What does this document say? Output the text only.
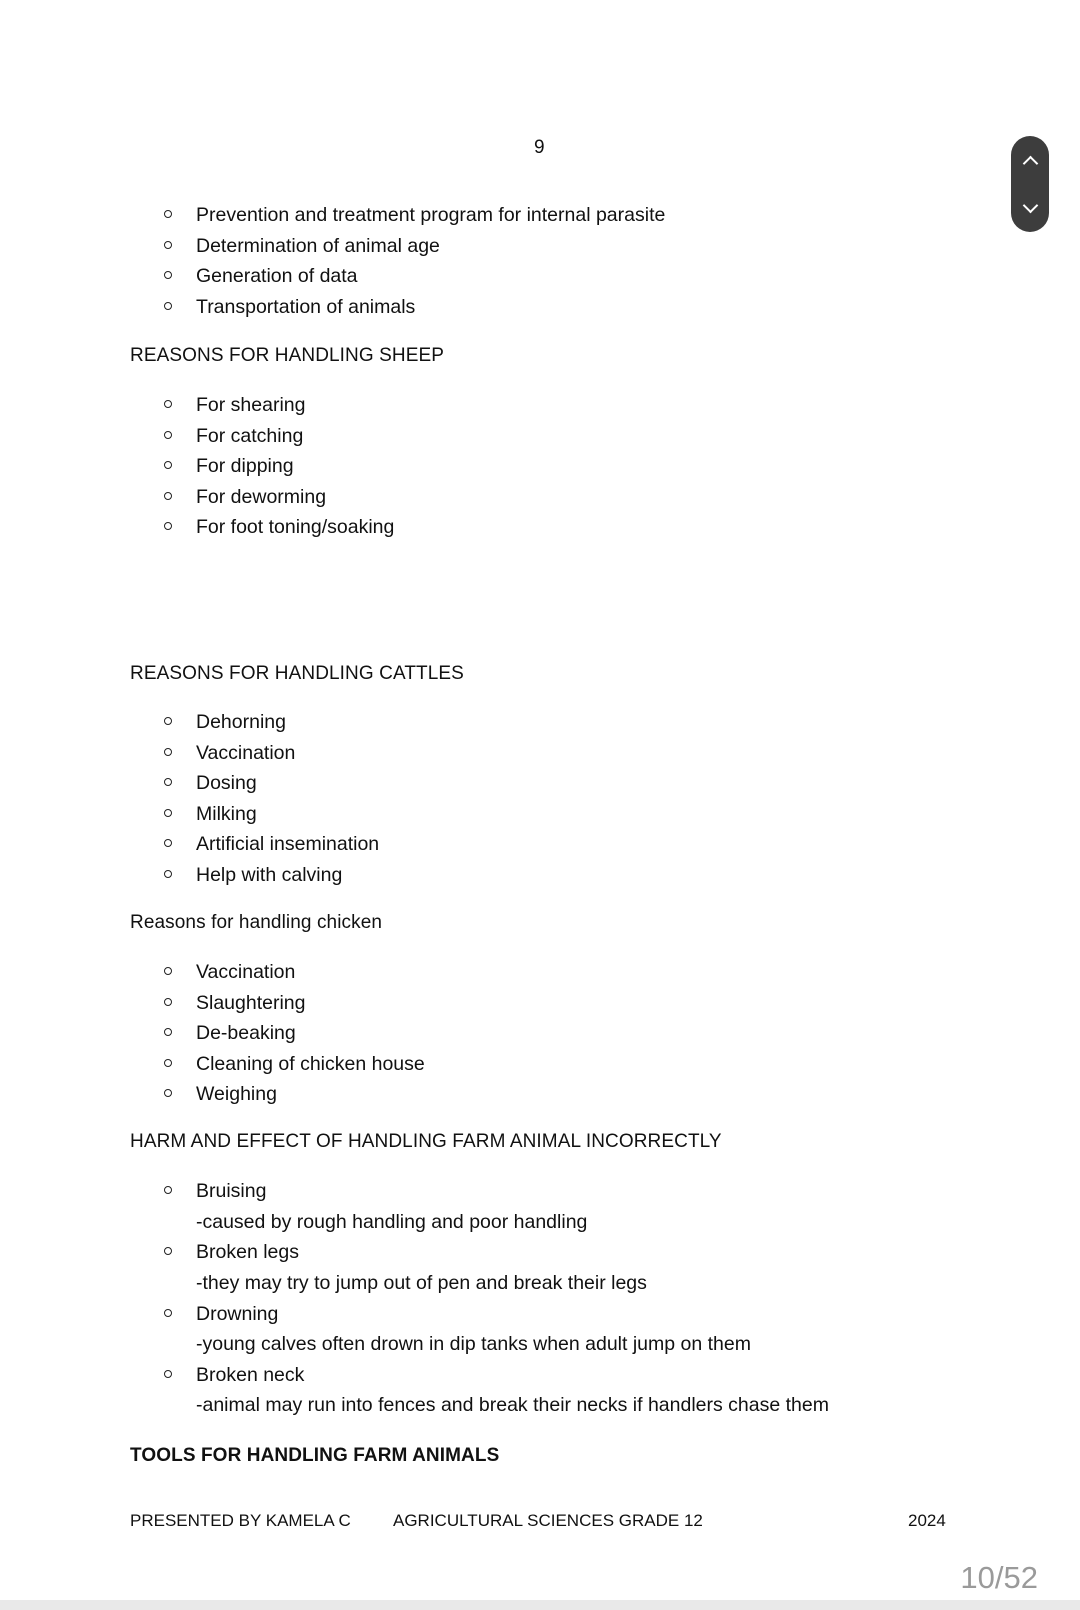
9
Prevention and treatment program for internal parasite
Determination of animal age
Generation of data
Transportation of animals
REASONS FOR HANDLING SHEEP
For shearing
For catching
For dipping
For deworming
For foot toning/soaking
REASONS FOR HANDLING CATTLES
Dehorning
Vaccination
Dosing
Milking
Artificial insemination
Help with calving
Reasons for handling chicken
Vaccination
Slaughtering
De-beaking
Cleaning of chicken house
Weighing
HARM AND EFFECT OF HANDLING FARM ANIMAL INCORRECTLY
Bruising
-caused by rough handling and poor handling
Broken legs
-they may try to jump out of pen and break their legs
Drowning
-young calves often drown in dip tanks when adult jump on them
Broken neck
-animal may run into fences and break their necks if handlers chase them
TOOLS FOR HANDLING FARM ANIMALS
PRESENTED BY KAMELA C AGRICULTURAL SCIENCES GRADE 12	2024
10/52
